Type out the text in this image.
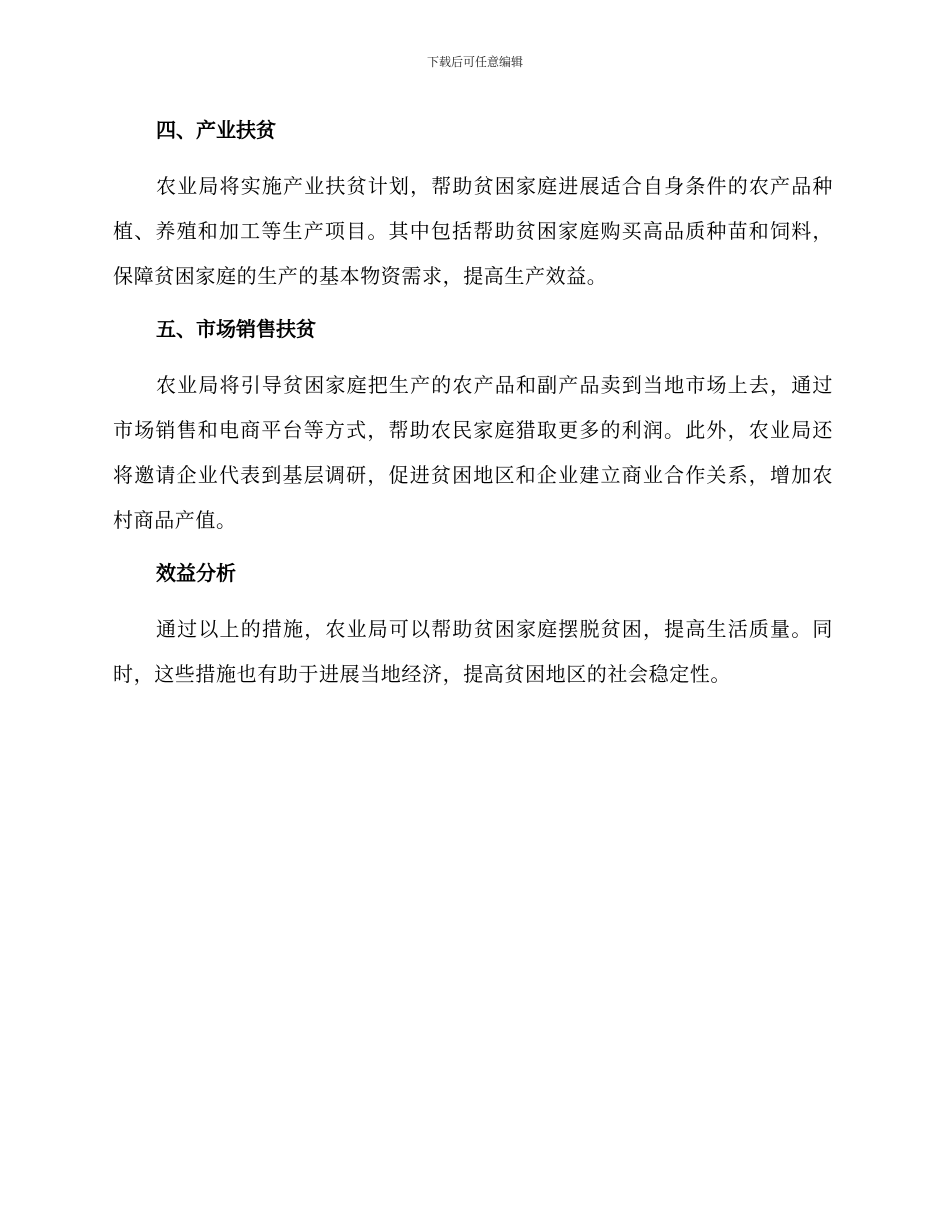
下载后可任意编辑
四、产业扶贫

农业局将实施产业扶贫计划，帮助贫困家庭进展适合自身条件的农产品种植、养殖和加工等生产项目。其中包括帮助贫困家庭购买高品质种苗和饲料，保障贫困家庭的生产的基本物资需求，提高生产效益。

五、市场销售扶贫

农业局将引导贫困家庭把生产的农产品和副产品卖到当地市场上去，通过市场销售和电商平台等方式，帮助农民家庭猎取更多的利润。此外，农业局还将邀请企业代表到基层调研，促进贫困地区和企业建立商业合作关系，增加农村商品产值。

效益分析

通过以上的措施，农业局可以帮助贫困家庭摆脱贫困，提高生活质量。同时，这些措施也有助于进展当地经济，提高贫困地区的社会稳定性。
